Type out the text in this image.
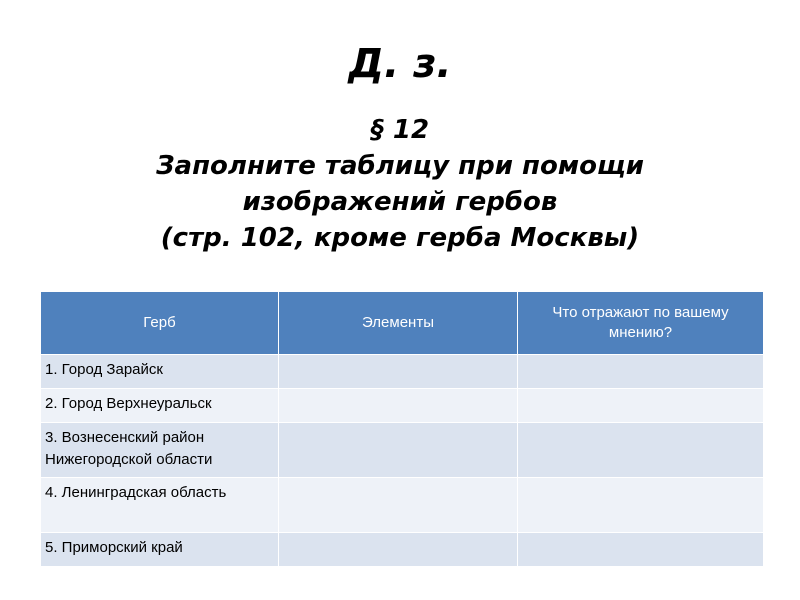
Д. з.
§ 12
Заполните таблицу при помощи
изображений гербов
(стр. 102, кроме герба Москвы)
Герб	Элементы	Что отражают по вашему мнению?
1. Город Зарайск		
2. Город Верхнеуральск		
3. Вознесенский район Нижегородской области		
4. Ленинградская область		
5. Приморский край		
